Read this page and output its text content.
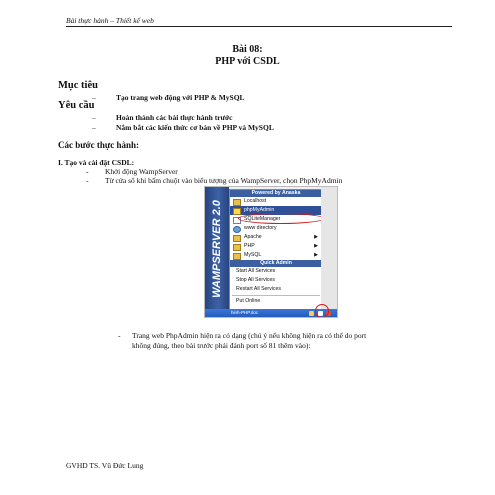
Bài thực hành – Thiết kế web
Bài 08:
PHP với CSDL
Mục tiêu
–	Tạo trang web động với PHP & MySQL
Yêu cầu
–	Hoàn thành các bài thực hành trước
–	Nắm bắt các kiến thức cơ bản về PHP và MySQL
Các bước thực hành:
I. Tạo và cài đặt CSDL:
- Khởi động WampServer
- Từ cửa sổ khi bấm chuột vào biểu tượng của WampServer, chọn PhpMyAdmin
WAMPSERVER 2.0
Powered by Anaska
Localhost
phpMyAdmin
SQLiteManager
www directory
Apache	▶
PHP	▶
MySQL	▶
Quick Admin
Start All Services
Stop All Services
Restart All Services
Put Online
hinh-PHP.doc
- Trang web PhpAdmin hiện ra có dạng (chú ý nếu không hiện ra có thể do port
không đúng, theo bài trước phải đánh port số 81 thêm vào):
GVHD TS. Vũ Đức Lung
